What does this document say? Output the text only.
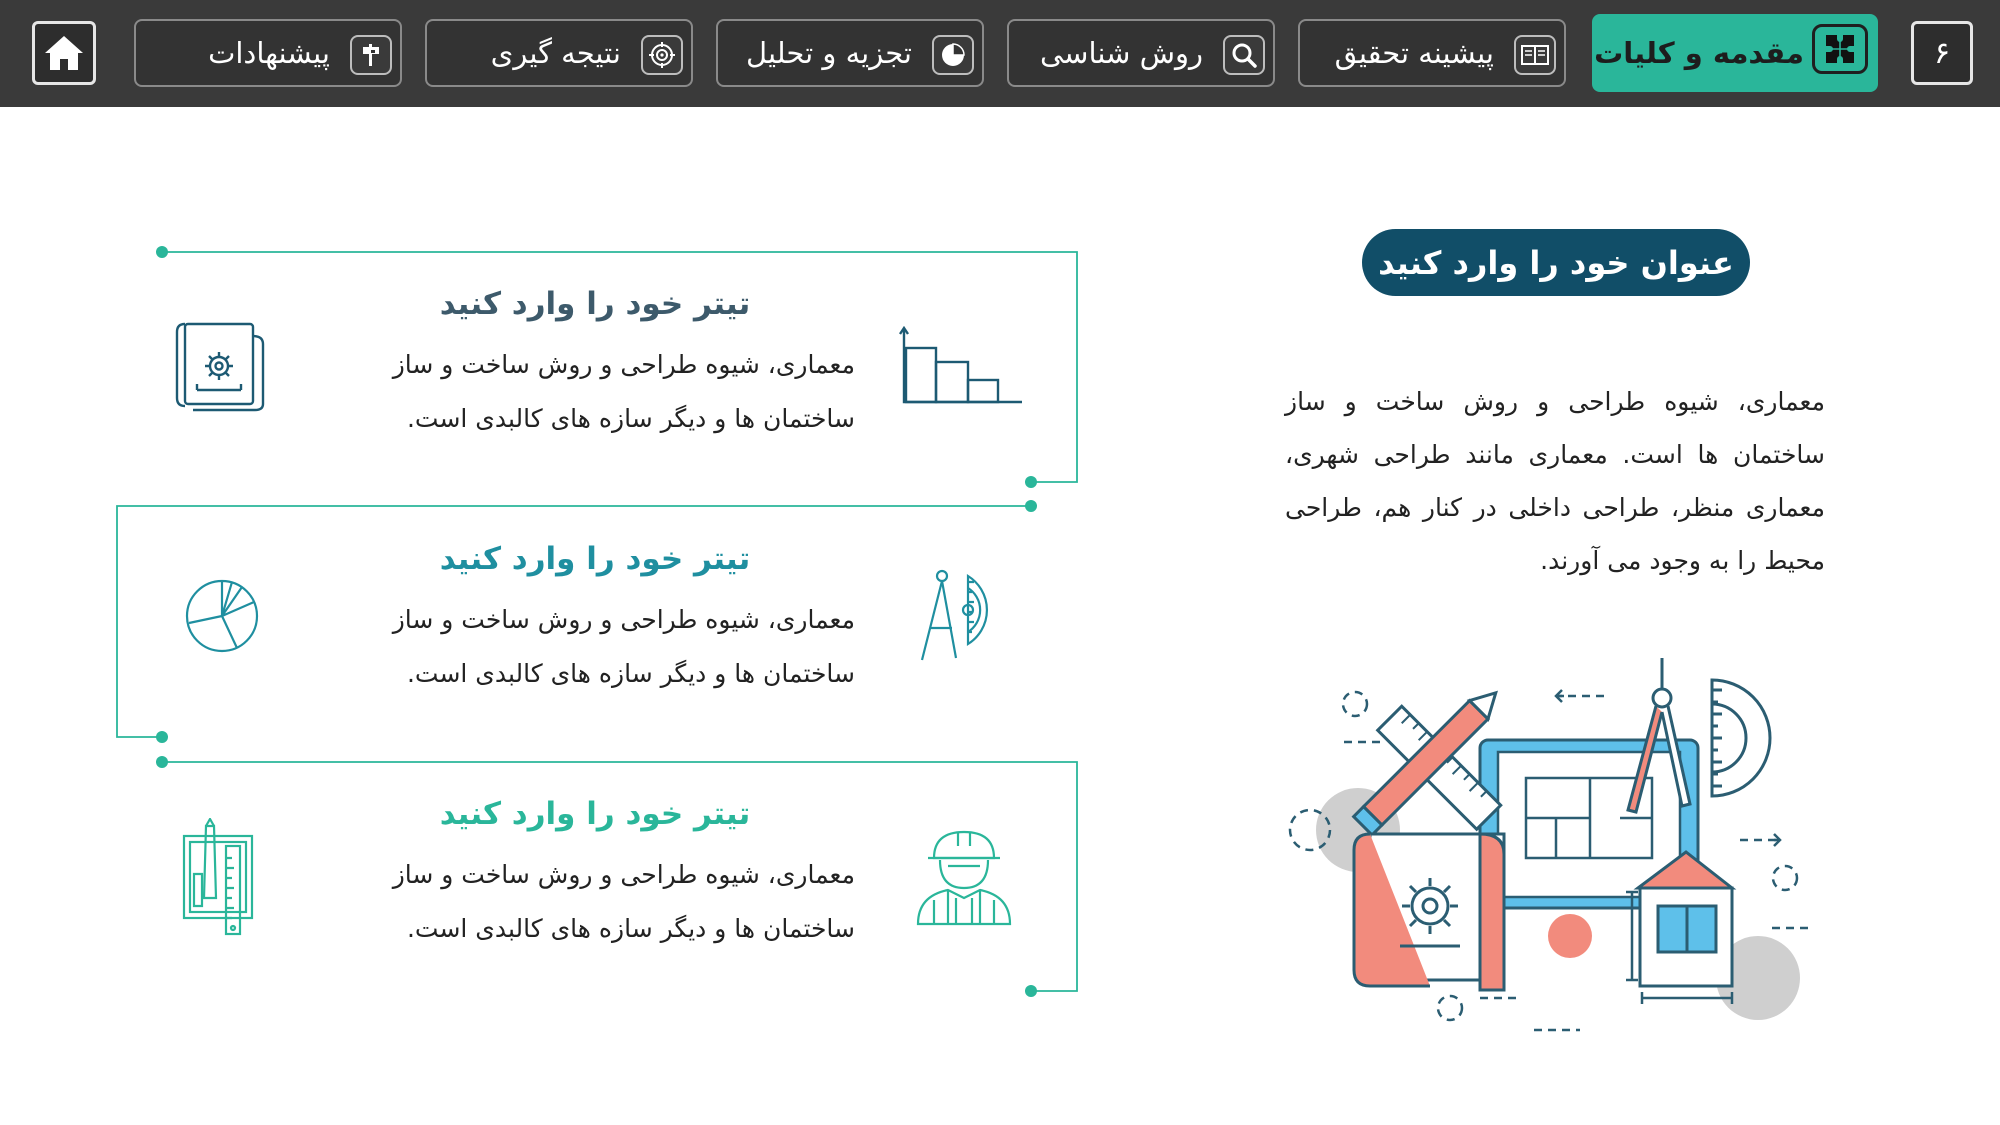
پیشنهادات	نتیجه گیری	تجزیه و تحلیل	روش شناسی	پیشینه تحقیق	مقدمه و کلیات	۶
تیتر خود را وارد کنید
معماری، شیوه طراحی و روش ساخت و ساز ساختمان ها و دیگر سازه های کالبدی است.
تیتر خود را وارد کنید
معماری، شیوه طراحی و روش ساخت و ساز ساختمان ها و دیگر سازه های کالبدی است.
تیتر خود را وارد کنید
معماری، شیوه طراحی و روش ساخت و ساز ساختمان ها و دیگر سازه های کالبدی است.
عنوان خود را وارد کنید
معماری، شیوه طراحی و روش ساخت و ساز ساختمان ها است. معماری مانند طراحی شهری، معماری منظر، طراحی داخلی در کنار هم، طراحی محیط را به وجود می آورند.
